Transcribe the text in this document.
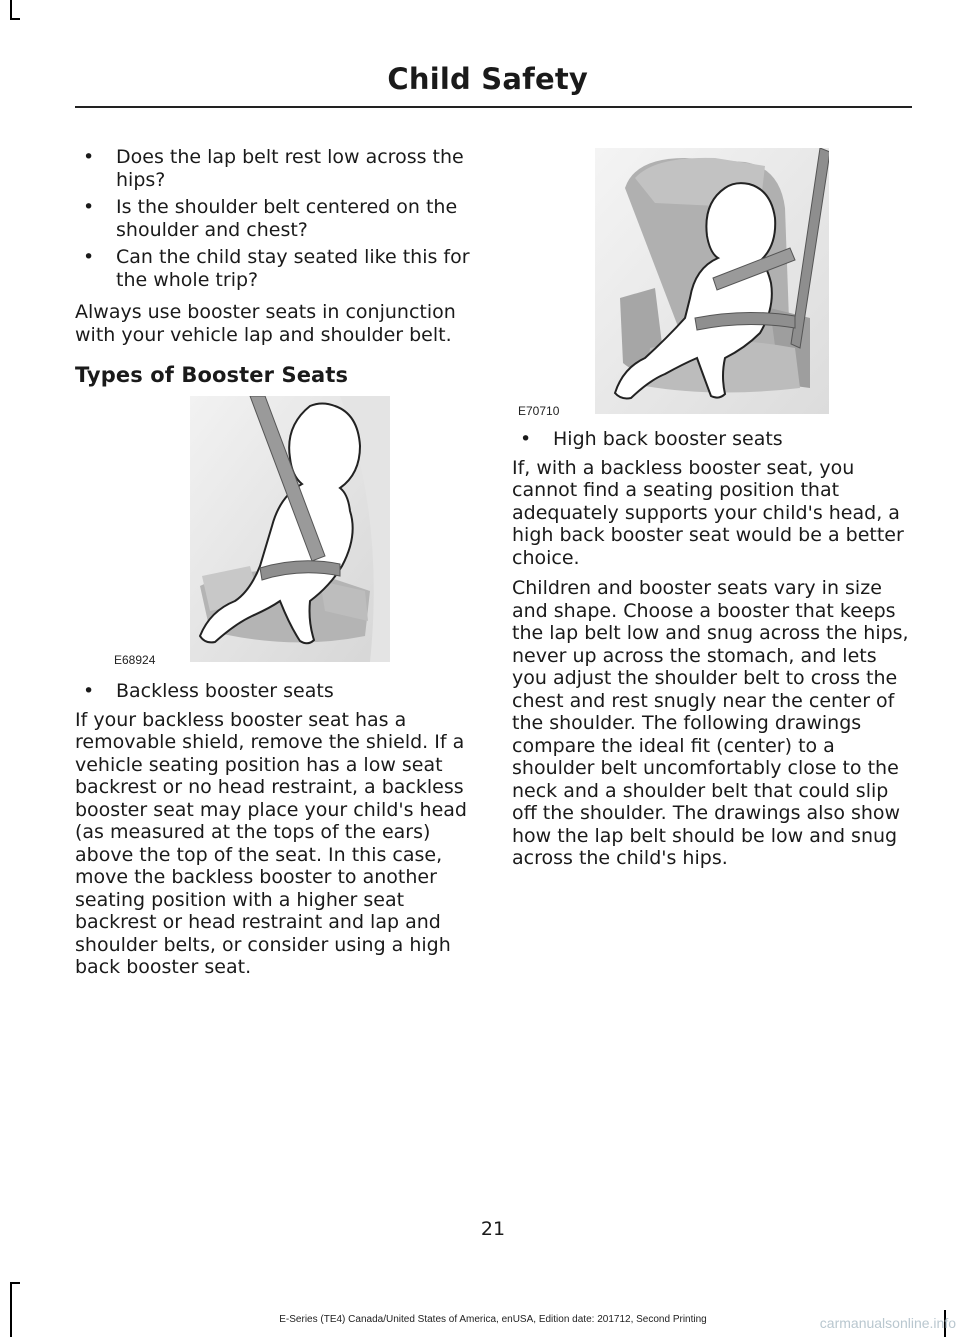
Child Safety
• Does the lap belt rest low across the hips?
• Is the shoulder belt centered on the shoulder and chest?
• Can the child stay seated like this for the whole trip?

Always use booster seats in conjunction with your vehicle lap and shoulder belt.

Types of Booster Seats
E68924
• Backless booster seats

If your backless booster seat has a removable shield, remove the shield. If a vehicle seating position has a low seat backrest or no head restraint, a backless booster seat may place your child's head (as measured at the tops of the ears) above the top of the seat. In this case, move the backless booster to another seating position with a higher seat backrest or head restraint and lap and shoulder belts, or consider using a high back booster seat.

E70710
• High back booster seats

If, with a backless booster seat, you cannot find a seating position that adequately supports your child's head, a high back booster seat would be a better choice.

Children and booster seats vary in size and shape. Choose a booster that keeps the lap belt low and snug across the hips, never up across the stomach, and lets you adjust the shoulder belt to cross the chest and rest snugly near the center of the shoulder. The following drawings compare the ideal fit (center) to a shoulder belt uncomfortably close to the neck and a shoulder belt that could slip off the shoulder. The drawings also show how the lap belt should be low and snug across the child's hips.

21
E-Series (TE4) Canada/United States of America, enUSA, Edition date: 201712, Second Printing	carmanualsonline.info
